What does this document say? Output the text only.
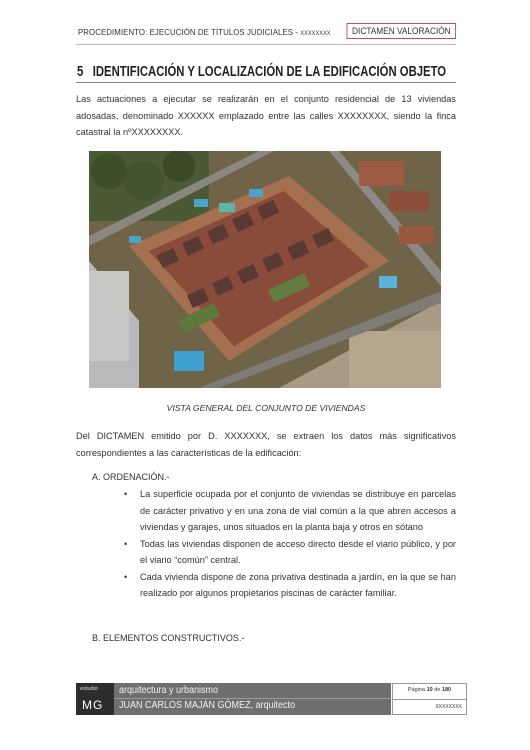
PROCEDIMIENTO: EJECUCIÓN DE TÍTULOS JUDICIALES - XXXXXXXX	DICTAMEN VALORACIÓN
5 IDENTIFICACIÓN Y LOCALIZACIÓN DE LA EDIFICACIÓN OBJETO

Las actuaciones a ejecutar se realizarán en el conjunto residencial de 13 viviendas adosadas, denominado XXXXXX emplazado entre las calles XXXXXXXX, siendo la finca catastral la nºXXXXXXXX.

VISTA GENERAL DEL CONJUNTO DE VIVIENDAS

Del DICTAMEN emitido por D. XXXXXXX, se extraen los datos más significativos correspondientes a las características de la edificación:

A. ORDENACIÓN.-
• La superficie ocupada por el conjunto de viviendas se distribuye en parcelas de carácter privativo y en una zona de vial común a la que abren accesos a viviendas y garajes, unos situados en la planta baja y otros en sótano
• Todas las viviendas disponen de acceso directo desde el viario público, y por el viario “común” central.
• Cada vivienda dispone de zona privativa destinada a jardín, en la que se han realizado por algunos propietarios piscinas de carácter familiar.
B. ELEMENTOS CONSTRUCTIVOS.-
estudio
MG
arquitectura y urbanismo
JUAN CARLOS MAJÁN GÓMEZ, arquitecto
Página 10 de 180
XXXXXXXX
